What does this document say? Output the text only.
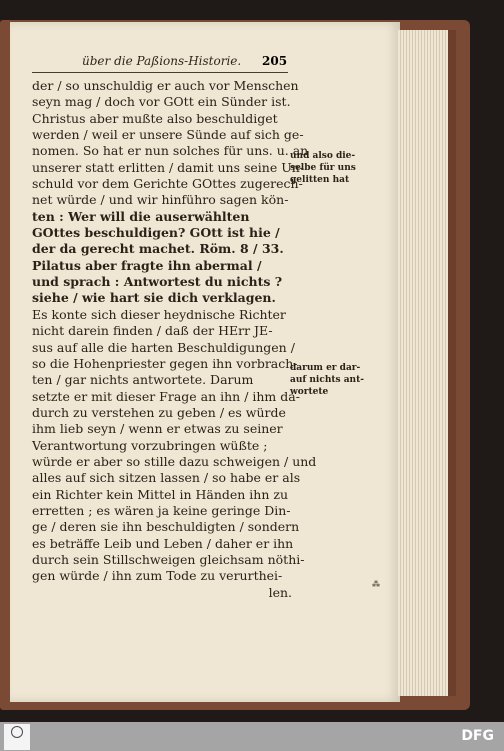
über die Paßions-Historie.	205
der / so unschuldig er auch vor Menschen
seyn mag / doch vor GOtt ein Sünder ist.
Christus aber mußte also beschuldiget
werden / weil er unsere Sünde auf sich ge-
nomen. So hat er nun solches für uns. u. an
unserer statt erlitten / damit uns seine Un-
schuld vor dem Gerichte GOttes zugerech-
net würde / und wir hinführo sagen kön-
ten : Wer will die auserwählten
GOttes beschuldigen? GOtt ist hie /
der da gerecht machet. Röm. 8 / 33.
Pilatus aber fragte ihn abermal /
und sprach : Antwortest du nichts ?
siehe / wie hart sie dich verklagen.
Es konte sich dieser heydnische Richter
nicht darein finden / daß der HErr JE-
sus auf alle die harten Beschuldigungen /
so die Hohenpriester gegen ihn vorbrach-
ten / gar nichts antwortete. Darum
setzte er mit dieser Frage an ihn / ihm da-
durch zu verstehen zu geben / es würde
ihm lieb seyn / wenn er etwas zu seiner
Verantwortung vorzubringen wüßte ;
würde er aber so stille dazu schweigen / und
alles auf sich sitzen lassen / so habe er als
ein Richter kein Mittel in Händen ihn zu
erretten ; es wären ja keine geringe Din-
ge / deren sie ihn beschuldigten / sondern
es beträffe Leib und Leben / daher er ihn
durch sein Stillschweigen gleichsam nöthi-
gen würde / ihn zum Tode zu verurthei-
len.
und also die-
selbe für uns
gelitten hat
darum er dar-
auf nichts ant-
wortete
⁂
DFG
